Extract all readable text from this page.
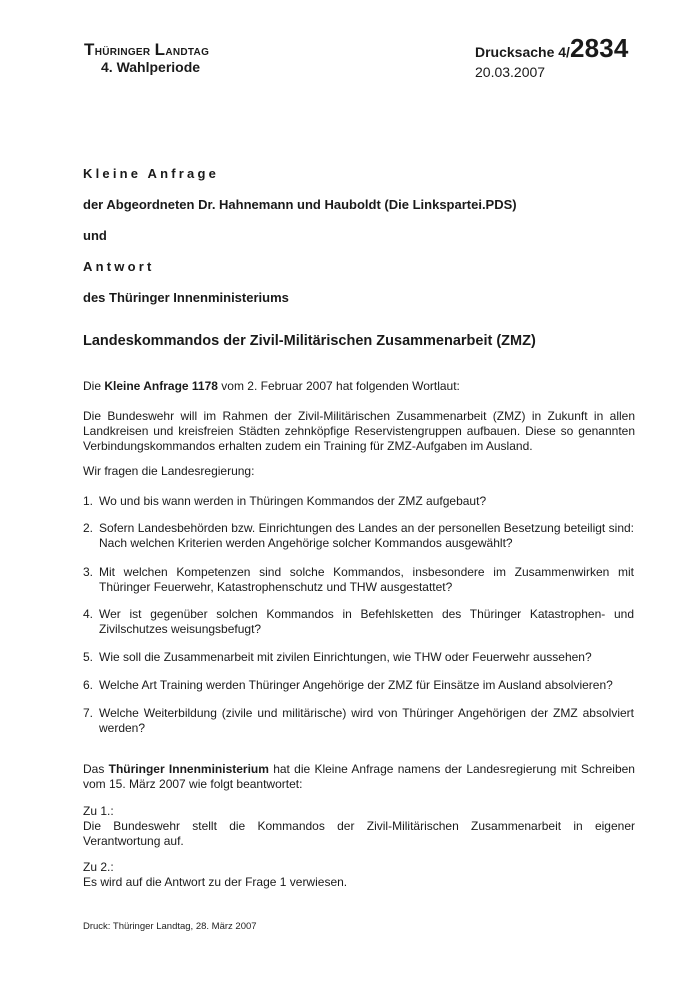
Thüringer Landtag
4. Wahlperiode
Drucksache 4/2834
20.03.2007
Kleine Anfrage
der Abgeordneten Dr. Hahnemann und Hauboldt (Die Linkspartei.PDS)
und
Antwort
des Thüringer Innenministeriums
Landeskommandos der Zivil-Militärischen Zusammenarbeit (ZMZ)
Die Kleine Anfrage 1178 vom 2. Februar 2007 hat folgenden Wortlaut:
Die Bundeswehr will im Rahmen der Zivil-Militärischen Zusammenarbeit (ZMZ) in Zukunft in allen Landkreisen und kreisfreien Städten zehnköpfige Reservistengruppen aufbauen. Diese so genannten Verbindungskommandos erhalten zudem ein Training für ZMZ-Aufgaben im Ausland.
Wir fragen die Landesregierung:
1. Wo und bis wann werden in Thüringen Kommandos der ZMZ aufgebaut?
2. Sofern Landesbehörden bzw. Einrichtungen des Landes an der personellen Besetzung beteiligt sind: Nach welchen Kriterien werden Angehörige solcher Kommandos ausgewählt?
3. Mit welchen Kompetenzen sind solche Kommandos, insbesondere im Zusammenwirken mit Thüringer Feuerwehr, Katastrophenschutz und THW ausgestattet?
4. Wer ist gegenüber solchen Kommandos in Befehlsketten des Thüringer Katastrophen- und Zivilschutzes weisungsbefugt?
5. Wie soll die Zusammenarbeit mit zivilen Einrichtungen, wie THW oder Feuerwehr aussehen?
6. Welche Art Training werden Thüringer Angehörige der ZMZ für Einsätze im Ausland absolvieren?
7. Welche Weiterbildung (zivile und militärische) wird von Thüringer Angehörigen der ZMZ absolviert werden?
Das Thüringer Innenministerium hat die Kleine Anfrage namens der Landesregierung mit Schreiben vom 15. März 2007 wie folgt beantwortet:
Zu 1.:
Die Bundeswehr stellt die Kommandos der Zivil-Militärischen Zusammenarbeit in eigener Verantwortung auf.
Zu 2.:
Es wird auf die Antwort zu der Frage 1 verwiesen.
Druck: Thüringer Landtag, 28. März 2007
